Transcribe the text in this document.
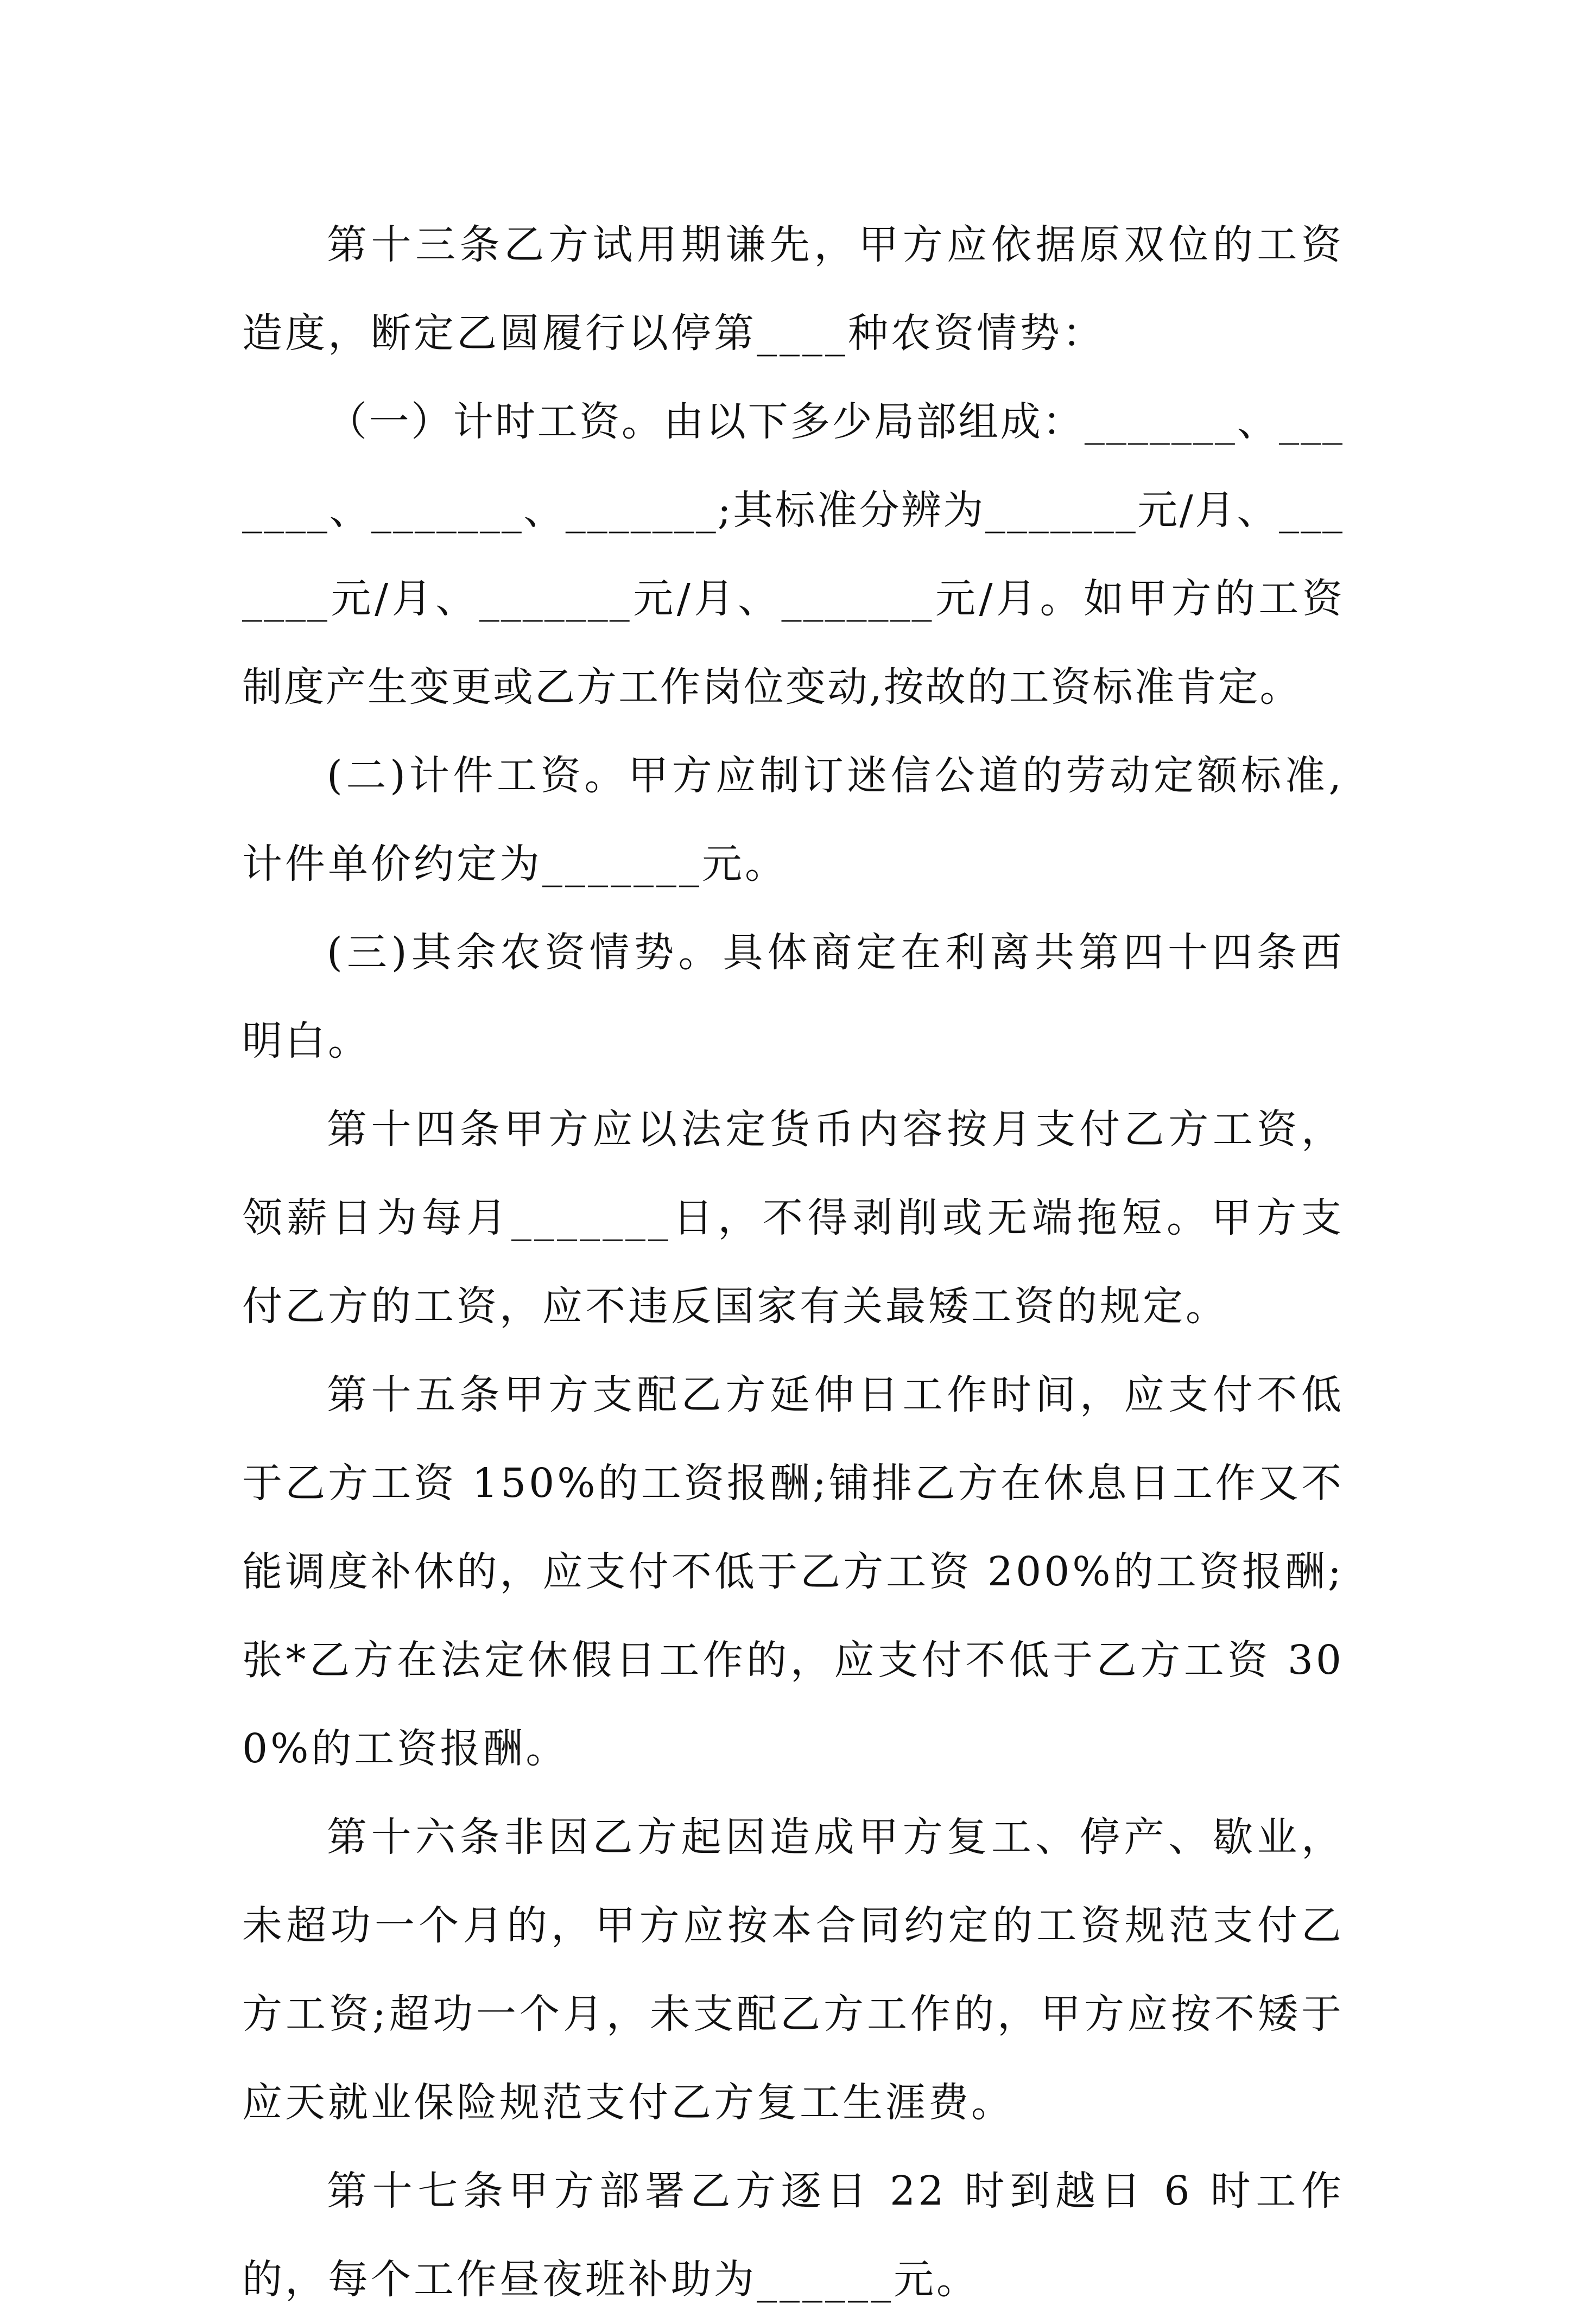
第十三条乙方试用期谦先，甲方应依据原双位的工资造度，断定乙圆履行以停第____种农资情势：

（一）计时工资。由以下多少局部组成：_______、_______、_______、_______;其标准分辨为_______元/月、_______元/月、_______元/月、_______元/月。如甲方的工资制度产生变更或乙方工作岗位变动,按故的工资标准肯定。

(二)计件工资。甲方应制订迷信公道的劳动定额标准,计件单价约定为_______元。

(三)其余农资情势。具体商定在利离共第四十四条西明白。

第十四条甲方应以法定货币内容按月支付乙方工资，领薪日为每月_______日，不得剥削或无端拖短。甲方支付乙方的工资，应不违反国家有关最矮工资的规定。

第十五条甲方支配乙方延伸日工作时间，应支付不低于乙方工资 150%的工资报酬;铺排乙方在休息日工作又不能调度补休的，应支付不低于乙方工资 200%的工资报酬;张*乙方在法定休假日工作的，应支付不低于乙方工资 300%的工资报酬。

第十六条非因乙方起因造成甲方复工、停产、歇业，未超功一个月的，甲方应按本合同约定的工资规范支付乙方工资;超功一个月，未支配乙方工作的，甲方应按不矮于应天就业保险规范支付乙方复工生涯费。

第十七条甲方部署乙方逐日 22 时到越日 6 时工作的，每个工作昼夜班补助为______元。
